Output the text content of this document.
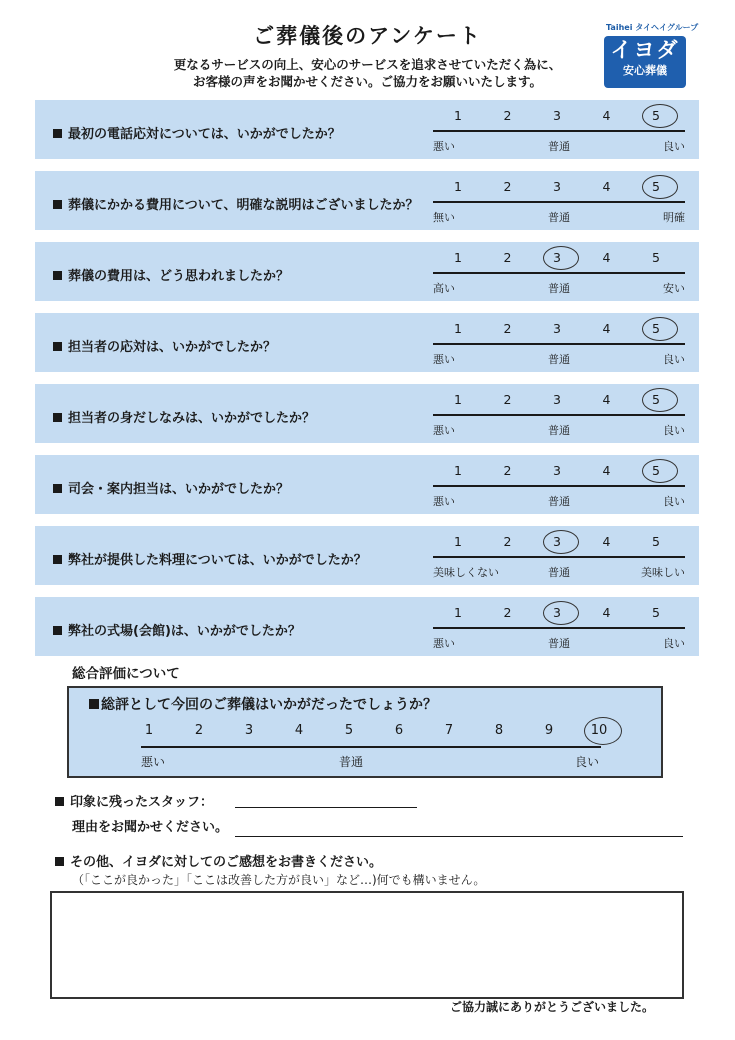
ご葬儀後のアンケート
更なるサービスの向上、安心のサービスを追求させていただく為に、
お客様の声をお聞かせください。ご協力をお願いいたします。
Taihei タイヘイグループ
イヨダ
安心葬儀
最初の電話応対については、いかがでしたか？
1	2	3	4	5
悪い	普通	良い
葬儀にかかる費用について、明確な説明はございましたか？
1	2	3	4	5
無い	普通	明確
葬儀の費用は、どう思われましたか？
1	2	3	4	5
高い	普通	安い
担当者の応対は、いかがでしたか？
1	2	3	4	5
悪い	普通	良い
担当者の身だしなみは、いかがでしたか？
1	2	3	4	5
悪い	普通	良い
司会・案内担当は、いかがでしたか？
1	2	3	4	5
悪い	普通	良い
弊社が提供した料理については、いかがでしたか？
1	2	3	4	5
美味しくない	普通	美味しい
弊社の式場(会館)は、いかがでしたか？
1	2	3	4	5
悪い	普通	良い
総合評価について
総評として今回のご葬儀はいかがだったでしょうか？
悪い	普通	良い
1	2	3	4	5	6	7	8	9	10
印象に残ったスタッフ：
理由をお聞かせください。
その他、イヨダに対してのご感想をお書きください。
（「ここが良かった」「ここは改善した方が良い」など…)何でも構いません。
ご協力誠にありがとうございました。
